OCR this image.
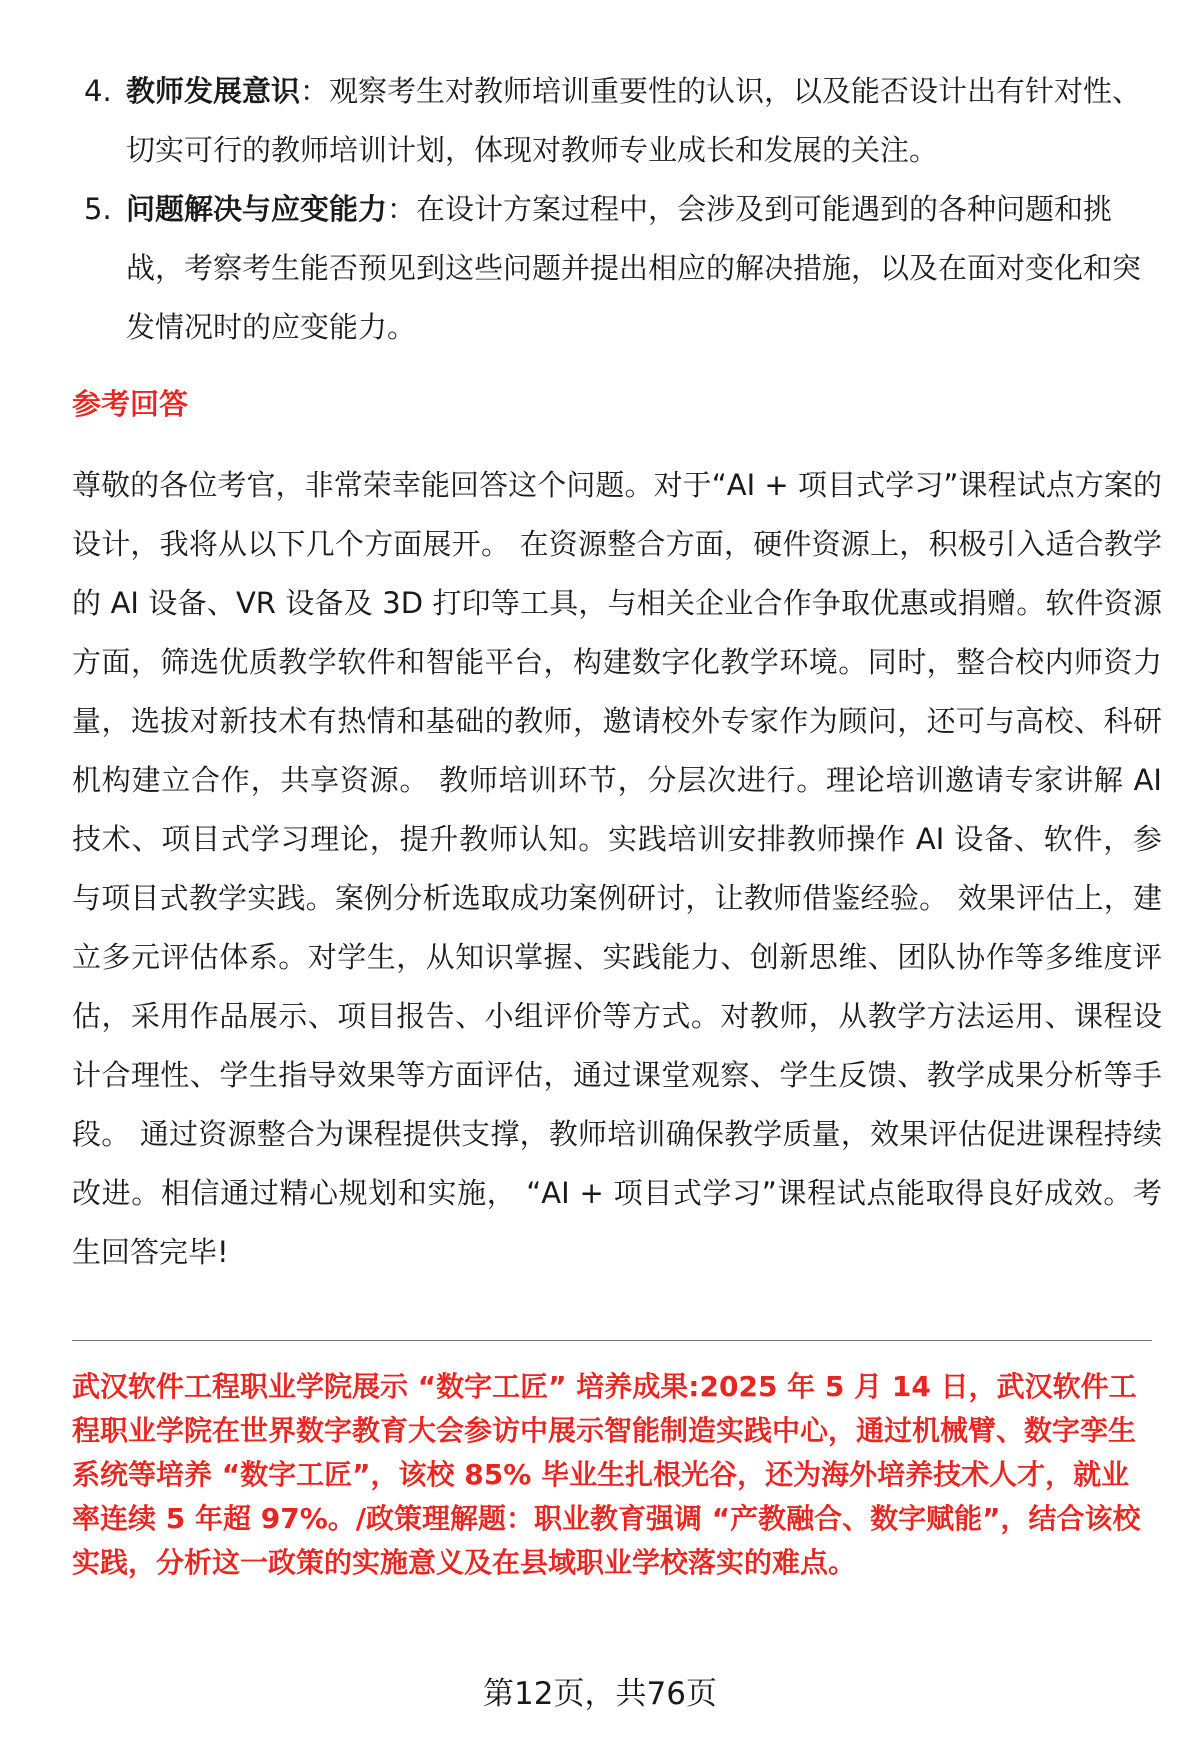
4. 教师发展意识：观察考生对教师培训重要性的认识，以及能否设计出有针对性、切实可行的教师培训计划，体现对教师专业成长和发展的关注。
5. 问题解决与应变能力：在设计方案过程中，会涉及到可能遇到的各种问题和挑战，考察考生能否预见到这些问题并提出相应的解决措施，以及在面对变化和突发情况时的应变能力。
参考回答
尊敬的各位考官，非常荣幸能回答这个问题。对于“AI + 项目式学习”课程试点方案的设计，我将从以下几个方面展开。 在资源整合方面，硬件资源上，积极引入适合教学的 AI 设备、VR 设备及 3D 打印等工具，与相关企业合作争取优惠或捐赠。软件资源方面，筛选优质教学软件和智能平台，构建数字化教学环境。同时，整合校内师资力量，选拔对新技术有热情和基础的教师，邀请校外专家作为顾问，还可与高校、科研机构建立合作，共享资源。 教师培训环节，分层次进行。理论培训邀请专家讲解 AI 技术、项目式学习理论，提升教师认知。实践培训安排教师操作 AI 设备、软件，参与项目式教学实践。案例分析选取成功案例研讨，让教师借鉴经验。 效果评估上，建立多元评估体系。对学生，从知识掌握、实践能力、创新思维、团队协作等多维度评估，采用作品展示、项目报告、小组评价等方式。对教师，从教学方法运用、课程设计合理性、学生指导效果等方面评估，通过课堂观察、学生反馈、教学成果分析等手段。 通过资源整合为课程提供支撑，教师培训确保教学质量，效果评估促进课程持续改进。相信通过精心规划和实施， “AI + 项目式学习”课程试点能取得良好成效。考生回答完毕!
武汉软件工程职业学院展示 “数字工匠” 培养成果:2025 年 5 月 14 日，武汉软件工程职业学院在世界数字教育大会参访中展示智能制造实践中心，通过机械臂、数字孪生系统等培养 “数字工匠”，该校 85% 毕业生扎根光谷，还为海外培养技术人才，就业率连续 5 年超 97%。/政策理解题：职业教育强调 “产教融合、数字赋能”，结合该校实践，分析这一政策的实施意义及在县域职业学校落实的难点。
第12页，共76页
